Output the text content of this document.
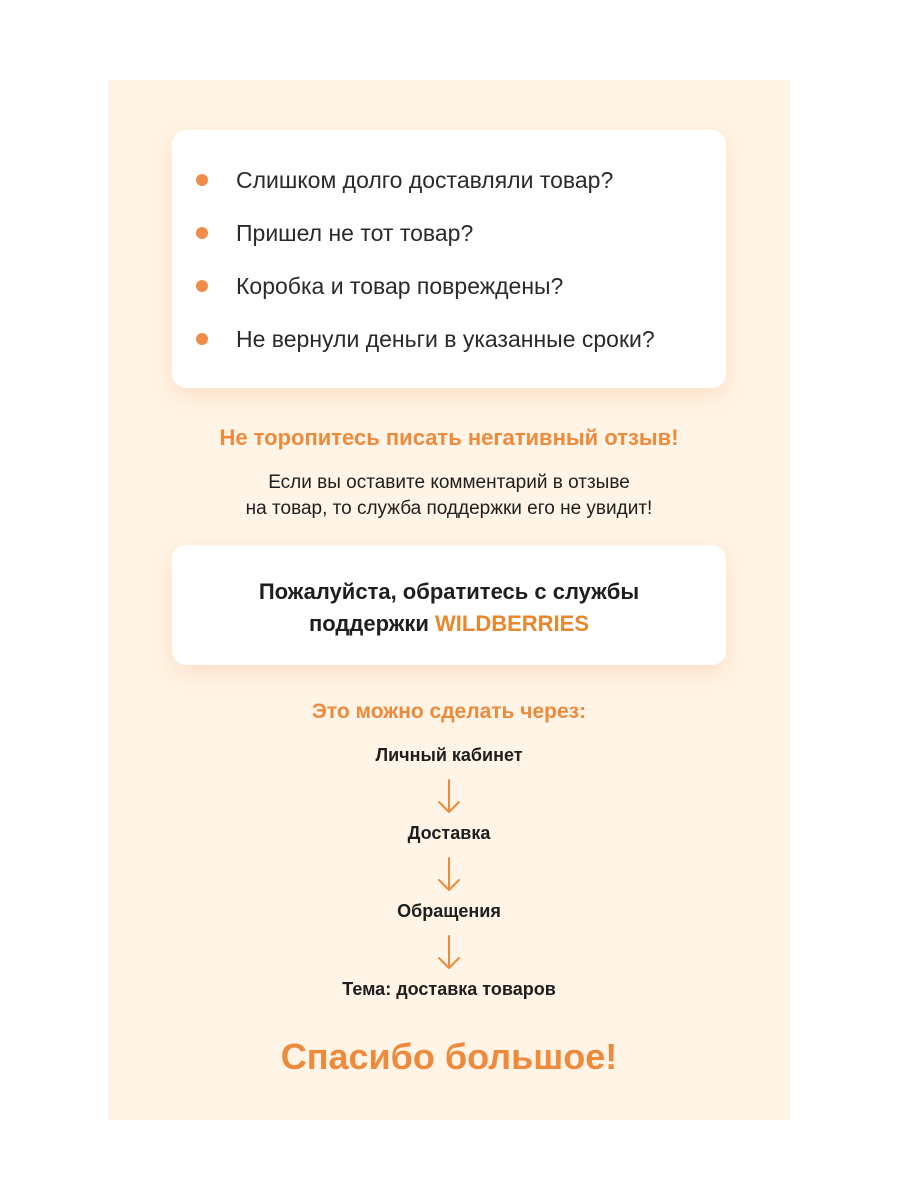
Слишком долго доставляли товар?
Пришел не тот товар?
Коробка и товар повреждены?
Не вернули деньги в указанные сроки?
Не торопитесь писать негативный отзыв!
Если вы оставите комментарий в отзыве
на товар, то служба поддержки его не увидит!
Пожалуйста, обратитесь с службы
поддержки WILDBERRIES
Это можно сделать через:
Личный кабинет
Доставка
Обращения
Тема: доставка товаров
Спасибо большое!
